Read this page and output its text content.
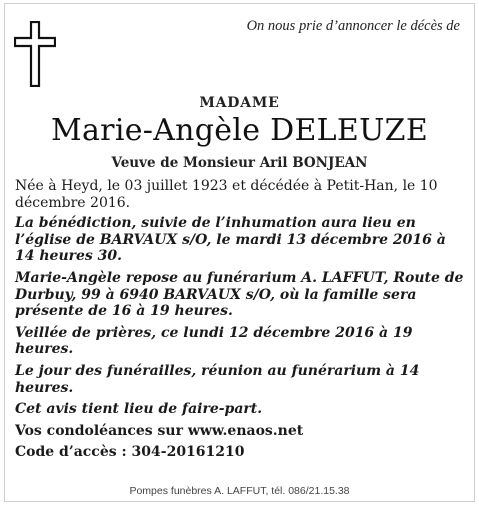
On nous prie d’annoncer le décès de
MADAME
Marie-Angèle DELEUZE
Veuve de Monsieur Aril BONJEAN

Née à Heyd, le 03 juillet 1923 et décédée à Petit-Han, le 10 décembre 2016.

La bénédiction, suivie de l’inhumation aura lieu en l’église de BARVAUX s/O, le mardi 13 décembre 2016 à 14 heures 30.

Marie-Angèle repose au funérarium A. LAFFUT, Route de Durbuy, 99 à 6940 BARVAUX s/O, où la famille sera présente de 16 à 19 heures.

Veillée de prières, ce lundi 12 décembre 2016 à 19 heures.

Le jour des funérailles, réunion au funérarium à 14 heures.

Cet avis tient lieu de faire-part.

Vos condoléances sur www.enaos.net

Code d’accès : 304-20161210

Pompes funèbres A. LAFFUT, tél. 086/21.15.38
